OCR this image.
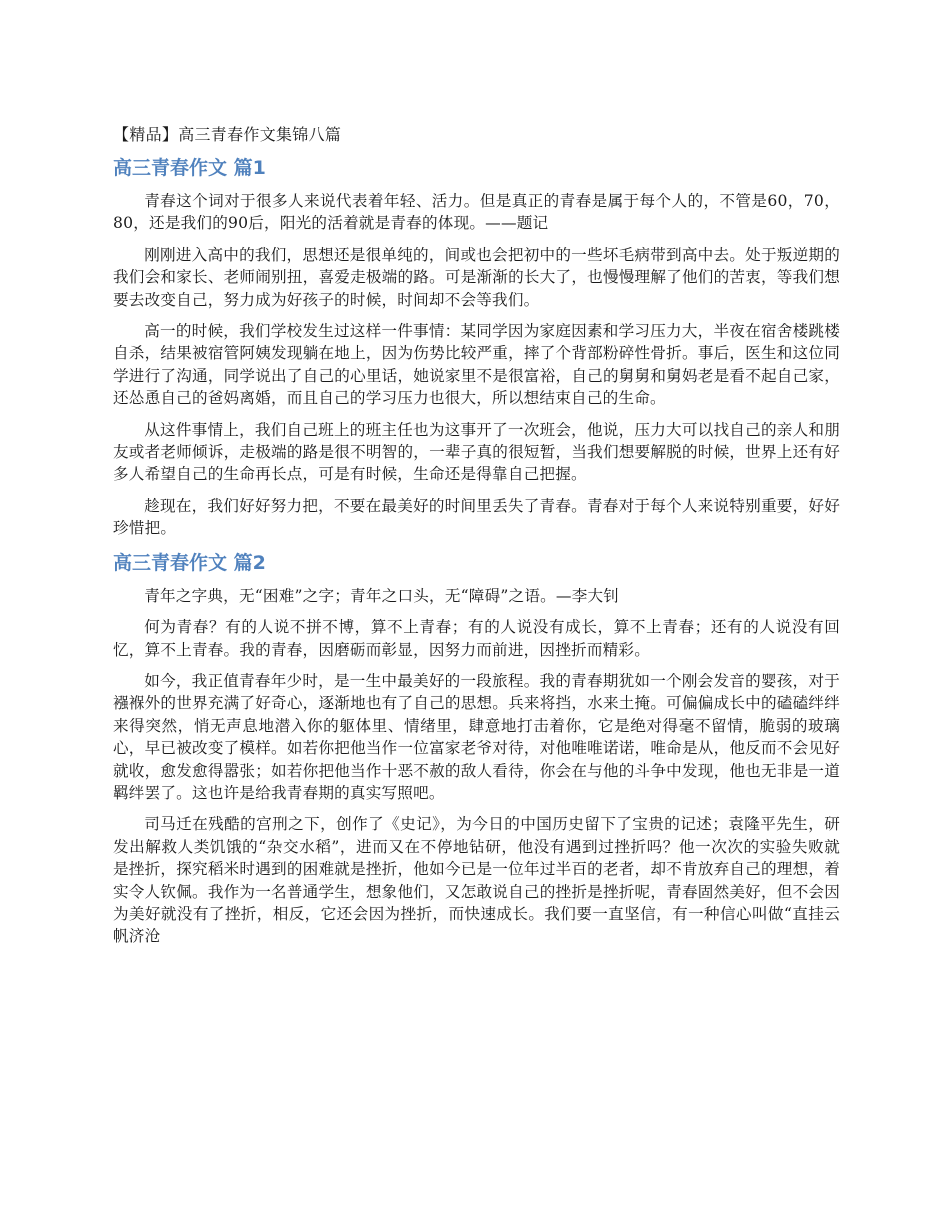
【精品】高三青春作文集锦八篇
高三青春作文 篇1

青春这个词对于很多人来说代表着年轻、活力。但是真正的青春是属于每个人的，不管是60，70，80，还是我们的90后，阳光的活着就是青春的体现。——题记

刚刚进入高中的我们，思想还是很单纯的，间或也会把初中的一些坏毛病带到高中去。处于叛逆期的我们会和家长、老师闹别扭，喜爱走极端的路。可是渐渐的长大了，也慢慢理解了他们的苦衷，等我们想要去改变自己，努力成为好孩子的时候，时间却不会等我们。

高一的时候，我们学校发生过这样一件事情：某同学因为家庭因素和学习压力大，半夜在宿舍楼跳楼自杀，结果被宿管阿姨发现躺在地上，因为伤势比较严重，摔了个背部粉碎性骨折。事后，医生和这位同学进行了沟通，同学说出了自己的心里话，她说家里不是很富裕，自己的舅舅和舅妈老是看不起自己家，还怂恿自己的爸妈离婚，而且自己的学习压力也很大，所以想结束自己的生命。

从这件事情上，我们自己班上的班主任也为这事开了一次班会，他说，压力大可以找自己的亲人和朋友或者老师倾诉，走极端的路是很不明智的，一辈子真的很短暂，当我们想要解脱的时候，世界上还有好多人希望自己的生命再长点，可是有时候，生命还是得靠自己把握。

趁现在，我们好好努力把，不要在最美好的时间里丢失了青春。青春对于每个人来说特别重要，好好珍惜把。

高三青春作文 篇2

青年之字典，无“困难”之字；青年之口头，无“障碍”之语。—李大钊

何为青春？有的人说不拼不博，算不上青春；有的人说没有成长，算不上青春；还有的人说没有回忆，算不上青春。我的青春，因磨砺而彰显，因努力而前进，因挫折而精彩。

如今，我正值青春年少时，是一生中最美好的一段旅程。我的青春期犹如一个刚会发音的婴孩，对于襁褓外的世界充满了好奇心，逐渐地也有了自己的思想。兵来将挡，水来土掩。可偏偏成长中的磕磕绊绊来得突然，悄无声息地潜入你的躯体里、情绪里，肆意地打击着你，它是绝对得毫不留情，脆弱的玻璃心，早已被改变了模样。如若你把他当作一位富家老爷对待，对他唯唯诺诺，唯命是从，他反而不会见好就收，愈发愈得嚣张；如若你把他当作十恶不赦的敌人看待，你会在与他的斗争中发现，他也无非是一道羁绊罢了。这也许是给我青春期的真实写照吧。

司马迁在残酷的宫刑之下，创作了《史记》，为今日的中国历史留下了宝贵的记述；袁隆平先生，研发出解救人类饥饿的“杂交水稻”，进而又在不停地钻研，他没有遇到过挫折吗？他一次次的实验失败就是挫折，探究稻米时遇到的困难就是挫折，他如今已是一位年过半百的老者，却不肯放弃自己的理想，着实令人钦佩。我作为一名普通学生，想象他们，又怎敢说自己的挫折是挫折呢，青春固然美好，但不会因为美好就没有了挫折，相反，它还会因为挫折，而快速成长。我们要一直坚信，有一种信心叫做“直挂云帆济沧
